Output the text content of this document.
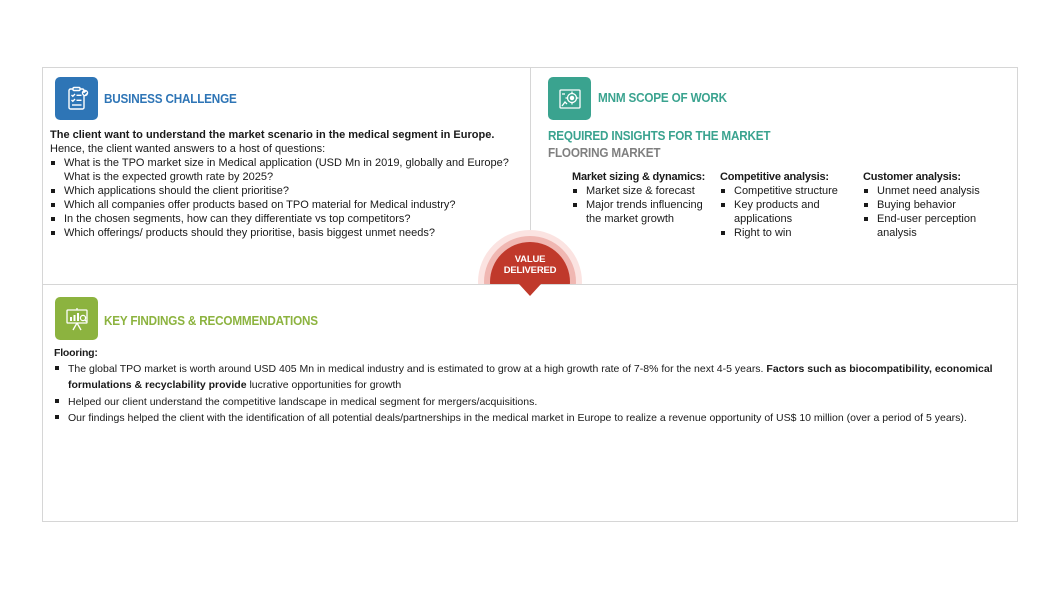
BUSINESS CHALLENGE
The client want to understand the market scenario in the medical segment in Europe. Hence, the client wanted answers to a host of questions:
What is the TPO market size in Medical application (USD Mn in 2019, globally and Europe? What is the expected growth rate by 2025?
Which applications should the client prioritise?
Which all companies offer products based on TPO material for Medical industry?
In the chosen segments, how can they differentiate vs top competitors?
Which offerings/ products should they prioritise, basis biggest unmet needs?
MNM SCOPE OF WORK
REQUIRED INSIGHTS FOR THE MARKET
FLOORING MARKET
Market sizing & dynamics:
Market size & forecast
Major trends influencing the market growth
Competitive analysis:
Competitive structure
Key products and applications
Right to win
Customer analysis:
Unmet need analysis
Buying behavior
End-user perception analysis
VALUE
DELIVERED
KEY FINDINGS & RECOMMENDATIONS
Flooring:
The global TPO market is worth around USD 405 Mn in medical industry and is estimated to grow at a high growth rate of 7-8% for the next 4-5 years. Factors such as biocompatibility, economical formulations & recyclability provide lucrative opportunities for growth
Helped our client understand the competitive landscape in medical segment for mergers/acquisitions.
Our findings helped the client with the identification of all potential deals/partnerships in the medical market in Europe to realize a revenue opportunity of US$ 10 million (over a period of 5 years).
